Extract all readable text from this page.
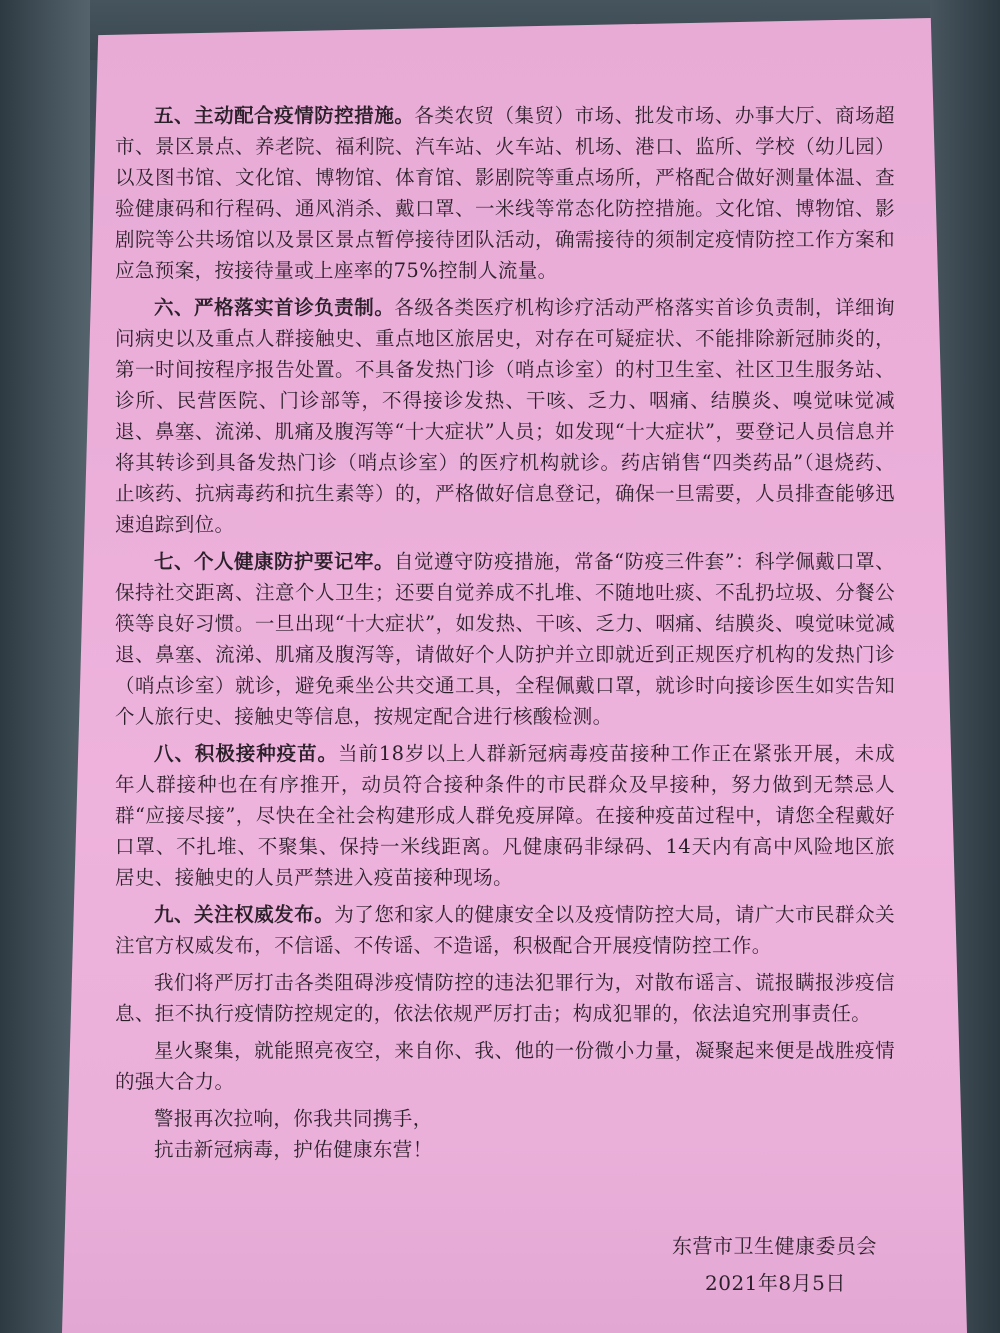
五、主动配合疫情防控措施。各类农贸（集贸）市场、批发市场、办事大厅、商场超市、景区景点、养老院、福利院、汽车站、火车站、机场、港口、监所、学校（幼儿园）以及图书馆、文化馆、博物馆、体育馆、影剧院等重点场所，严格配合做好测量体温、查验健康码和行程码、通风消杀、戴口罩、一米线等常态化防控措施。文化馆、博物馆、影剧院等公共场馆以及景区景点暂停接待团队活动，确需接待的须制定疫情防控工作方案和应急预案，按接待量或上座率的75%控制人流量。

六、严格落实首诊负责制。各级各类医疗机构诊疗活动严格落实首诊负责制，详细询问病史以及重点人群接触史、重点地区旅居史，对存在可疑症状、不能排除新冠肺炎的，第一时间按程序报告处置。不具备发热门诊（哨点诊室）的村卫生室、社区卫生服务站、诊所、民营医院、门诊部等，不得接诊发热、干咳、乏力、咽痛、结膜炎、嗅觉味觉减退、鼻塞、流涕、肌痛及腹泻等“十大症状”人员；如发现“十大症状”，要登记人员信息并将其转诊到具备发热门诊（哨点诊室）的医疗机构就诊。药店销售“四类药品”（退烧药、止咳药、抗病毒药和抗生素等）的，严格做好信息登记，确保一旦需要，人员排查能够迅速追踪到位。

七、个人健康防护要记牢。自觉遵守防疫措施，常备“防疫三件套”：科学佩戴口罩、保持社交距离、注意个人卫生；还要自觉养成不扎堆、不随地吐痰、不乱扔垃圾、分餐公筷等良好习惯。一旦出现“十大症状”，如发热、干咳、乏力、咽痛、结膜炎、嗅觉味觉减退、鼻塞、流涕、肌痛及腹泻等，请做好个人防护并立即就近到正规医疗机构的发热门诊（哨点诊室）就诊，避免乘坐公共交通工具，全程佩戴口罩，就诊时向接诊医生如实告知个人旅行史、接触史等信息，按规定配合进行核酸检测。

八、积极接种疫苗。当前18岁以上人群新冠病毒疫苗接种工作正在紧张开展，未成年人群接种也在有序推开，动员符合接种条件的市民群众及早接种，努力做到无禁忌人群“应接尽接”，尽快在全社会构建形成人群免疫屏障。在接种疫苗过程中，请您全程戴好口罩、不扎堆、不聚集、保持一米线距离。凡健康码非绿码、14天内有高中风险地区旅居史、接触史的人员严禁进入疫苗接种现场。

九、关注权威发布。为了您和家人的健康安全以及疫情防控大局，请广大市民群众关注官方权威发布，不信谣、不传谣、不造谣，积极配合开展疫情防控工作。

我们将严厉打击各类阻碍涉疫情防控的违法犯罪行为，对散布谣言、谎报瞒报涉疫信息、拒不执行疫情防控规定的，依法依规严厉打击；构成犯罪的，依法追究刑事责任。

星火聚集，就能照亮夜空，来自你、我、他的一份微小力量，凝聚起来便是战胜疫情的强大合力。

警报再次拉响，你我共同携手，

抗击新冠病毒，护佑健康东营！

东营市卫生健康委员会
2021年8月5日
